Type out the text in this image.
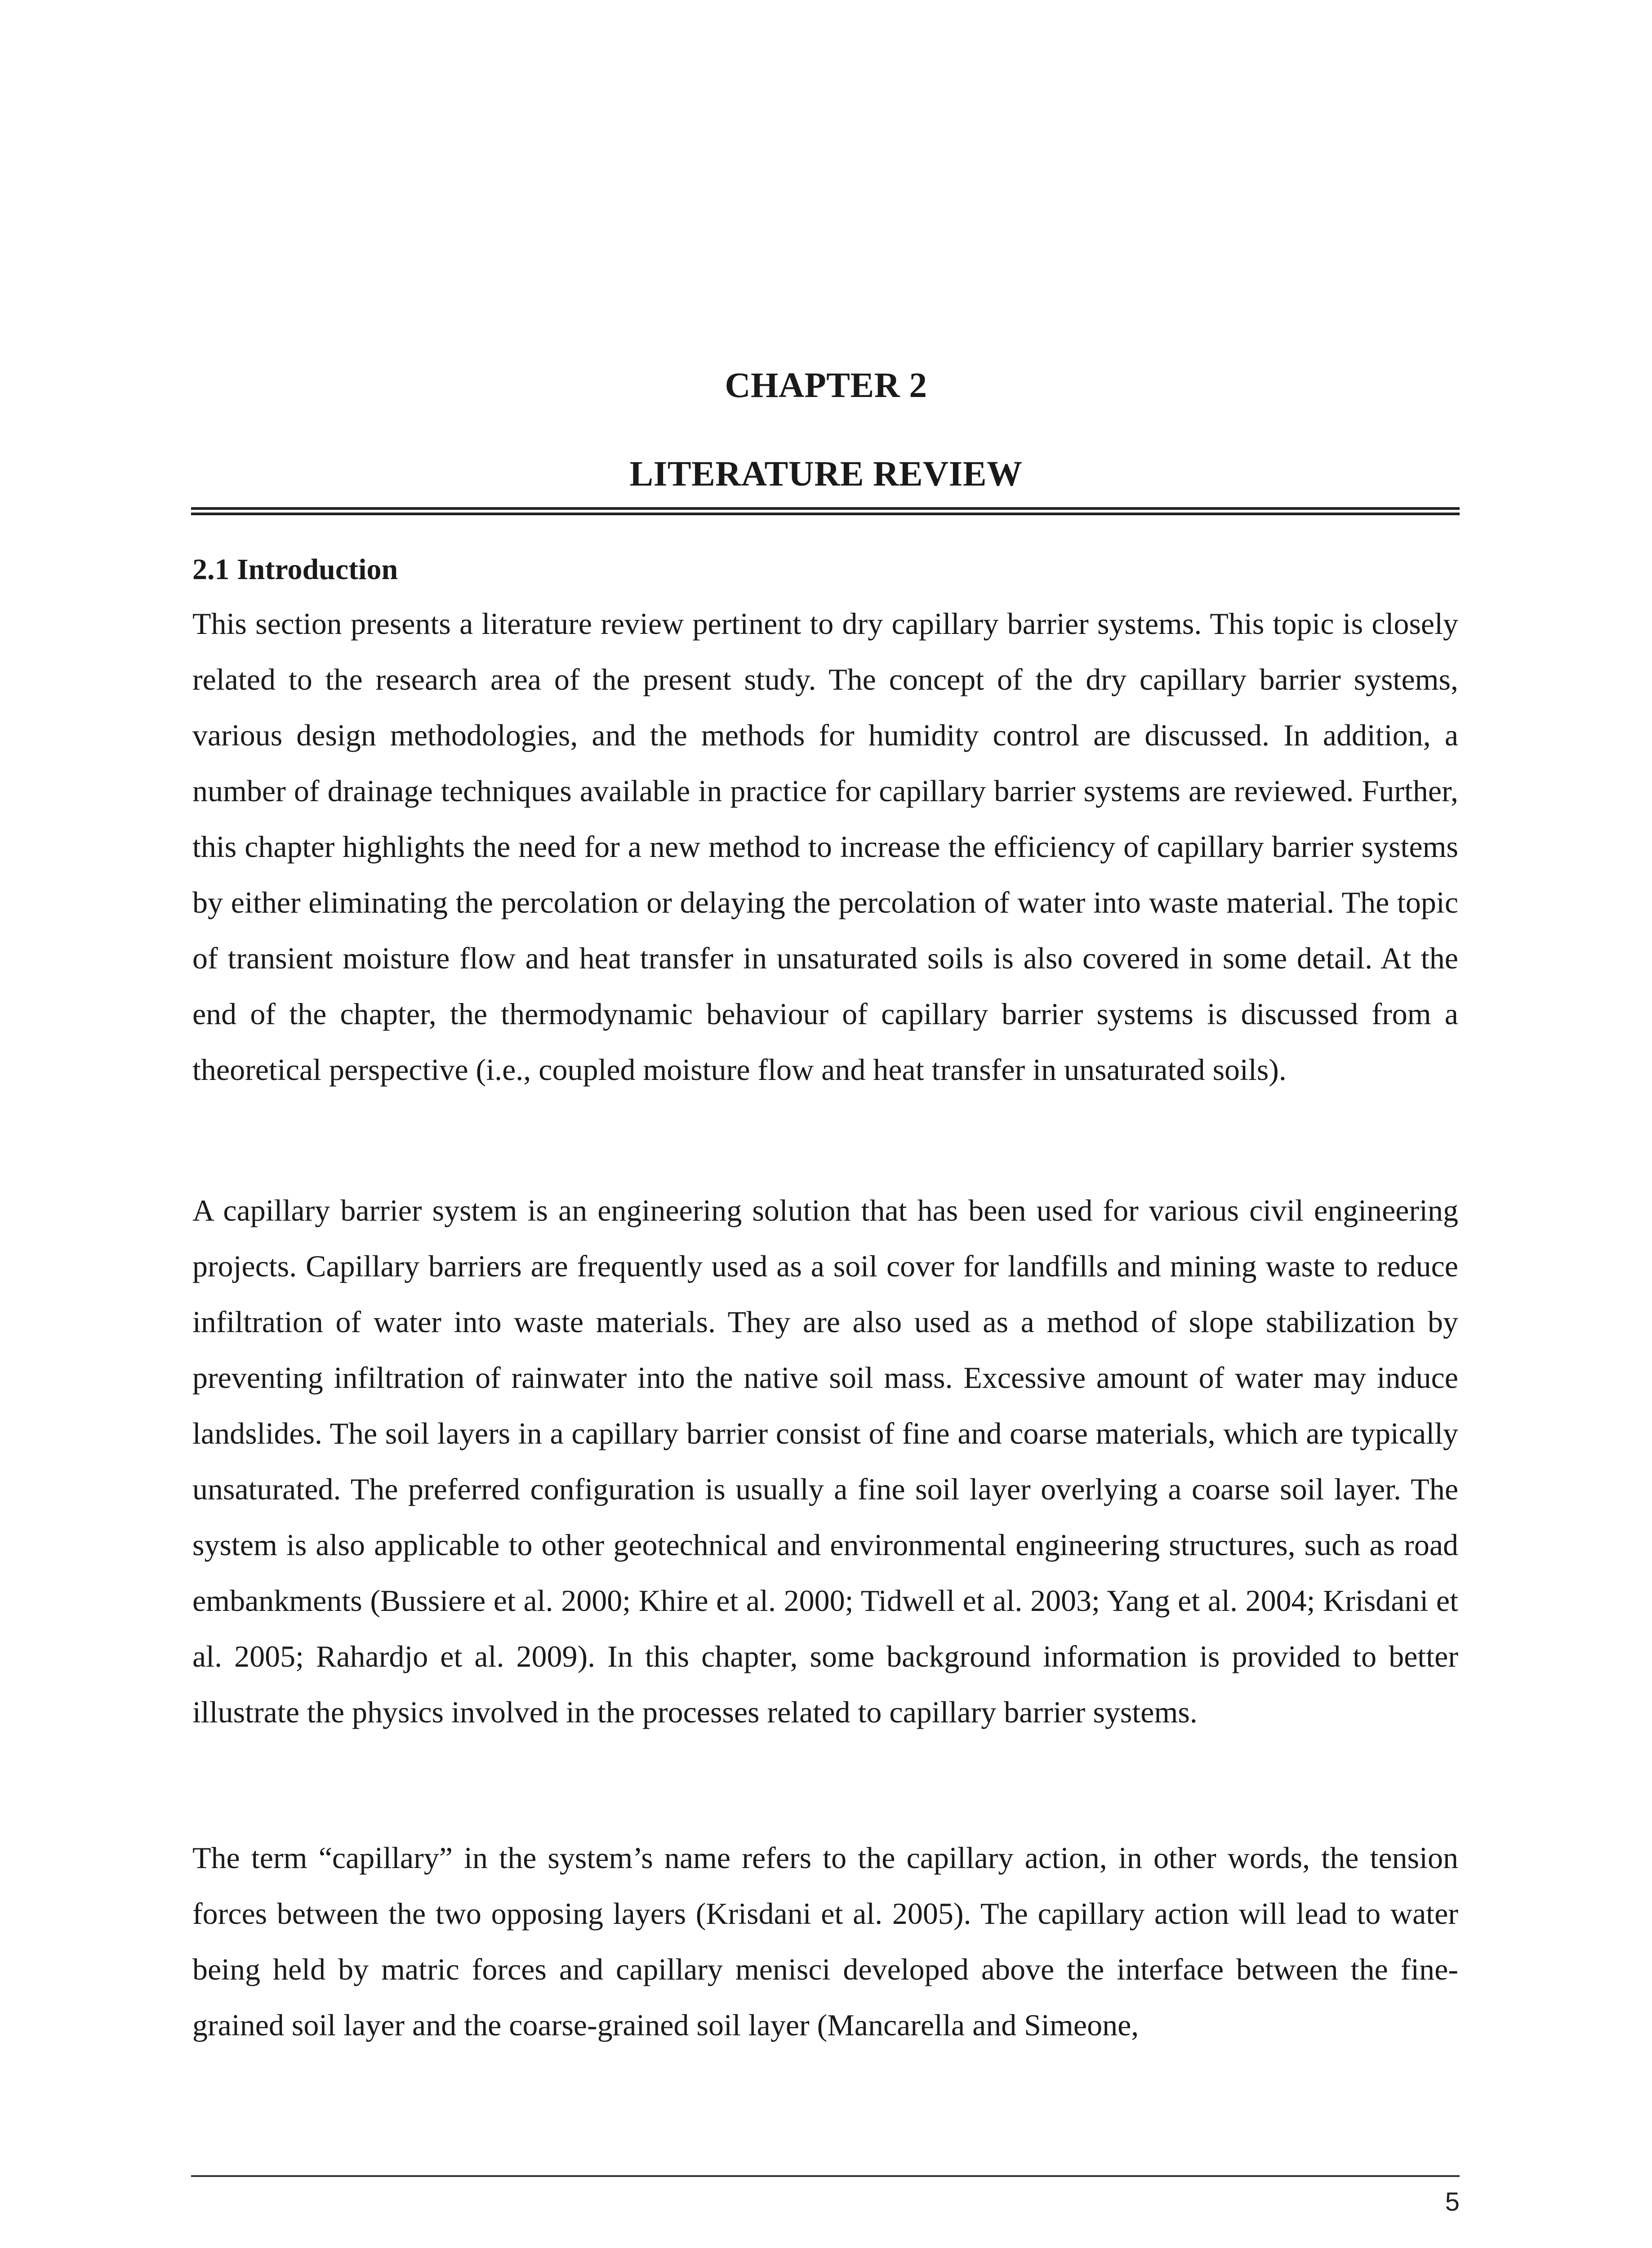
CHAPTER 2
LITERATURE REVIEW
2.1 Introduction

This section presents a literature review pertinent to dry capillary barrier systems. This topic is closely related to the research area of the present study. The concept of the dry capillary barrier systems, various design methodologies, and the methods for humidity control are discussed. In addition, a number of drainage techniques available in practice for capillary barrier systems are reviewed. Further, this chapter highlights the need for a new method to increase the efficiency of capillary barrier systems by either eliminating the percolation or delaying the percolation of water into waste material. The topic of transient moisture flow and heat transfer in unsaturated soils is also covered in some detail. At the end of the chapter, the thermodynamic behaviour of capillary barrier systems is discussed from a theoretical perspective (i.e., coupled moisture flow and heat transfer in unsaturated soils).

A capillary barrier system is an engineering solution that has been used for various civil engineering projects. Capillary barriers are frequently used as a soil cover for landfills and mining waste to reduce infiltration of water into waste materials. They are also used as a method of slope stabilization by preventing infiltration of rainwater into the native soil mass. Excessive amount of water may induce landslides. The soil layers in a capillary barrier consist of fine and coarse materials, which are typically unsaturated. The preferred configuration is usually a fine soil layer overlying a coarse soil layer. The system is also applicable to other geotechnical and environmental engineering structures, such as road embankments (Bussiere et al. 2000; Khire et al. 2000; Tidwell et al. 2003; Yang et al. 2004; Krisdani et al. 2005; Rahardjo et al. 2009). In this chapter, some background information is provided to better illustrate the physics involved in the processes related to capillary barrier systems.

The term “capillary” in the system’s name refers to the capillary action, in other words, the tension forces between the two opposing layers (Krisdani et al. 2005). The capillary action will lead to water being held by matric forces and capillary menisci developed above the interface between the fine-grained soil layer and the coarse-grained soil layer (Mancarella and Simeone,

5
